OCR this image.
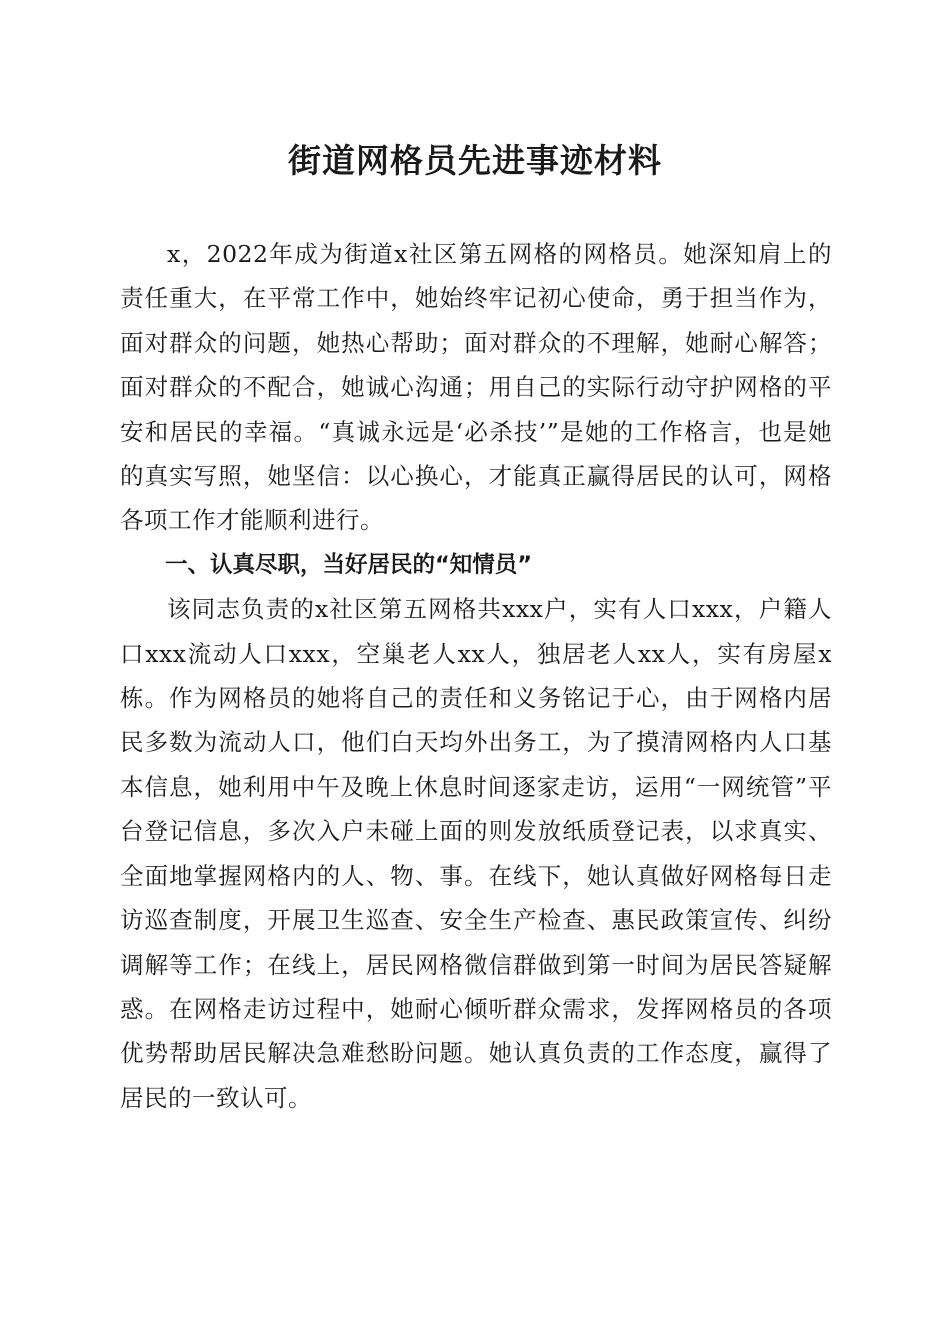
街道网格员先进事迹材料

x，2022年成为街道x社区第五网格的网格员。她深知肩上的责任重大，在平常工作中，她始终牢记初心使命，勇于担当作为，面对群众的问题，她热心帮助；面对群众的不理解，她耐心解答；面对群众的不配合，她诚心沟通；用自己的实际行动守护网格的平安和居民的幸福。“真诚永远是‘必杀技’”是她的工作格言，也是她的真实写照，她坚信：以心换心，才能真正赢得居民的认可，网格各项工作才能顺利进行。

一、认真尽职，当好居民的“知情员”

该同志负责的x社区第五网格共xxx户，实有人口xxx，户籍人口xxx流动人口xxx，空巢老人xx人，独居老人xx人，实有房屋x栋。作为网格员的她将自己的责任和义务铭记于心，由于网格内居民多数为流动人口，他们白天均外出务工，为了摸清网格内人口基本信息，她利用中午及晚上休息时间逐家走访，运用“一网统管”平台登记信息，多次入户未碰上面的则发放纸质登记表，以求真实、全面地掌握网格内的人、物、事。在线下，她认真做好网格每日走访巡查制度，开展卫生巡查、安全生产检查、惠民政策宣传、纠纷调解等工作；在线上，居民网格微信群做到第一时间为居民答疑解惑。在网格走访过程中，她耐心倾听群众需求，发挥网格员的各项优势帮助居民解决急难愁盼问题。她认真负责的工作态度，赢得了居民的一致认可。
